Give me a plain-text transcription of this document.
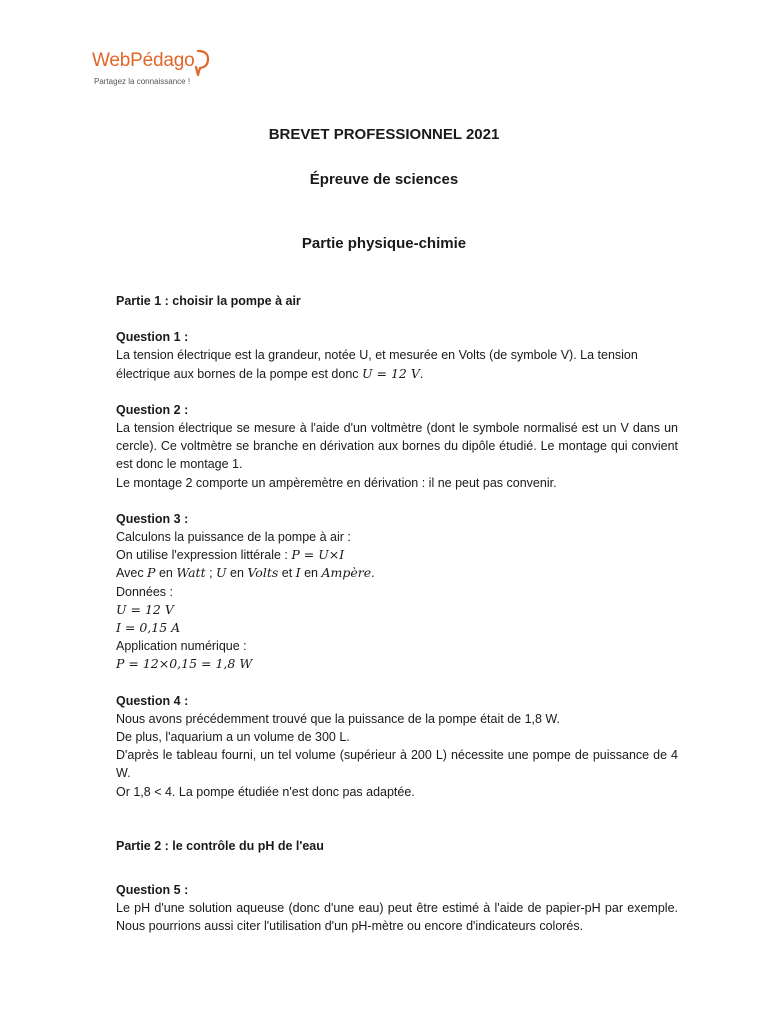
WebPédago
Partagez la connaissance !
BREVET PROFESSIONNEL 2021
Épreuve de sciences
Partie physique-chimie

Partie 1 : choisir la pompe à air

Question 1 :

La tension électrique est la grandeur, notée U, et mesurée en Volts (de symbole V). La tension électrique aux bornes de la pompe est donc U = 12 V.

Question 2 :

La tension électrique se mesure à l'aide d'un voltmètre (dont le symbole normalisé est un V dans un cercle). Ce voltmètre se branche en dérivation aux bornes du dipôle étudié. Le montage qui convient est donc le montage 1.

Le montage 2 comporte un ampèremètre en dérivation : il ne peut pas convenir.

Question 3 :

Calculons la puissance de la pompe à air :

On utilise l'expression littérale : P = U×I

Avec P en Watt ; U en Volts et I en Ampère.

Données :

U = 12 V

I = 0,15 A

Application numérique :

P = 12×0,15 = 1,8 W

Question 4 :

Nous avons précédemment trouvé que la puissance de la pompe était de 1,8 W.

De plus, l'aquarium a un volume de 300 L.

D'après le tableau fourni, un tel volume (supérieur à 200 L) nécessite une pompe de puissance de 4 W.

Or 1,8 < 4. La pompe étudiée n'est donc pas adaptée.

Partie 2 : le contrôle du pH de l'eau

Question 5 :

Le pH d'une solution aqueuse (donc d'une eau) peut être estimé à l'aide de papier-pH par exemple. Nous pourrions aussi citer l'utilisation d'un pH-mètre ou encore d'indicateurs colorés.
